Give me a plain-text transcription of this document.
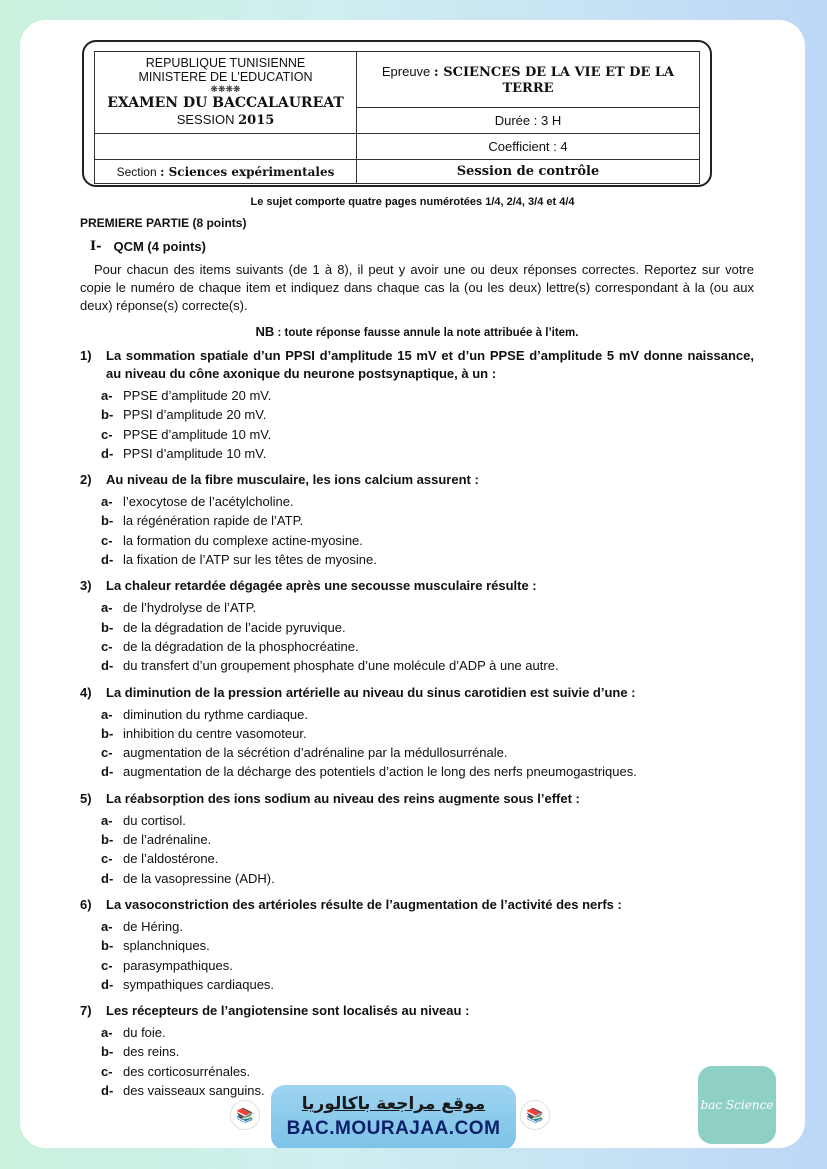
REPUBLIQUE TUNISIENNE
MINISTERE DE L’EDUCATION
❋❋❋❋
EXAMEN DU BACCALAUREAT
SESSION 2015	Epreuve : SCIENCES DE LA VIE ET DE LA TERRE
	Durée : 3 H
	Coefficient : 4
Section : Sciences expérimentales	Session de contrôle
Le sujet comporte quatre pages numérotées 1/4, 2/4, 3/4 et 4/4
PREMIERE PARTIE (8 points)
I- QCM (4 points)
Pour chacun des items suivants (de 1 à 8), il peut y avoir une ou deux réponses correctes. Reportez sur votre copie le numéro de chaque item et indiquez dans chaque cas la (ou les deux) lettre(s) correspondant à la (ou aux deux) réponse(s) correcte(s).
NB : toute réponse fausse annule la note attribuée à l’item.
1)	La sommation spatiale d’un PPSI d’amplitude 15 mV et d’un PPSE d’amplitude 5 mV donne naissance, au niveau du cône axonique du neurone postsynaptique, à un :
a- PPSE d’amplitude 20 mV.
b- PPSI d’amplitude 20 mV.
c- PPSE d’amplitude 10 mV.
d- PPSI d’amplitude 10 mV.
2)	Au niveau de la fibre musculaire, les ions calcium assurent :
a- l’exocytose de l’acétylcholine.
b- la régénération rapide de l’ATP.
c- la formation du complexe actine-myosine.
d- la fixation de l’ATP sur les têtes de myosine.
3)	La chaleur retardée dégagée après une secousse musculaire résulte :
a- de l’hydrolyse de l’ATP.
b- de la dégradation de l’acide pyruvique.
c- de la dégradation de la phosphocréatine.
d- du transfert d’un groupement phosphate d’une molécule d’ADP à une autre.
4)	La diminution de la pression artérielle au niveau du sinus carotidien est suivie d’une :
a- diminution du rythme cardiaque.
b- inhibition du centre vasomoteur.
c- augmentation de la sécrétion d’adrénaline par la médullosurrénale.
d- augmentation de la décharge des potentiels d’action le long des nerfs pneumogastriques.
5)	La réabsorption des ions sodium au niveau des reins augmente sous l’effet :
a- du cortisol.
b- de l’adrénaline.
c- de l’aldostérone.
d- de la vasopressine (ADH).
6)	La vasoconstriction des artérioles résulte de l’augmentation de l’activité des nerfs :
a- de Héring.
b- splanchniques.
c- parasympathiques.
d- sympathiques cardiaques.
7)	Les récepteurs de l’angiotensine sont localisés au niveau :
a- du foie.
b- des reins.
c- des corticosurrénales.
d- des vaisseaux sanguins.
موقع مراجعة باكالوريا
BAC.MOURAJAA.COM
📚	📚
bac Science
